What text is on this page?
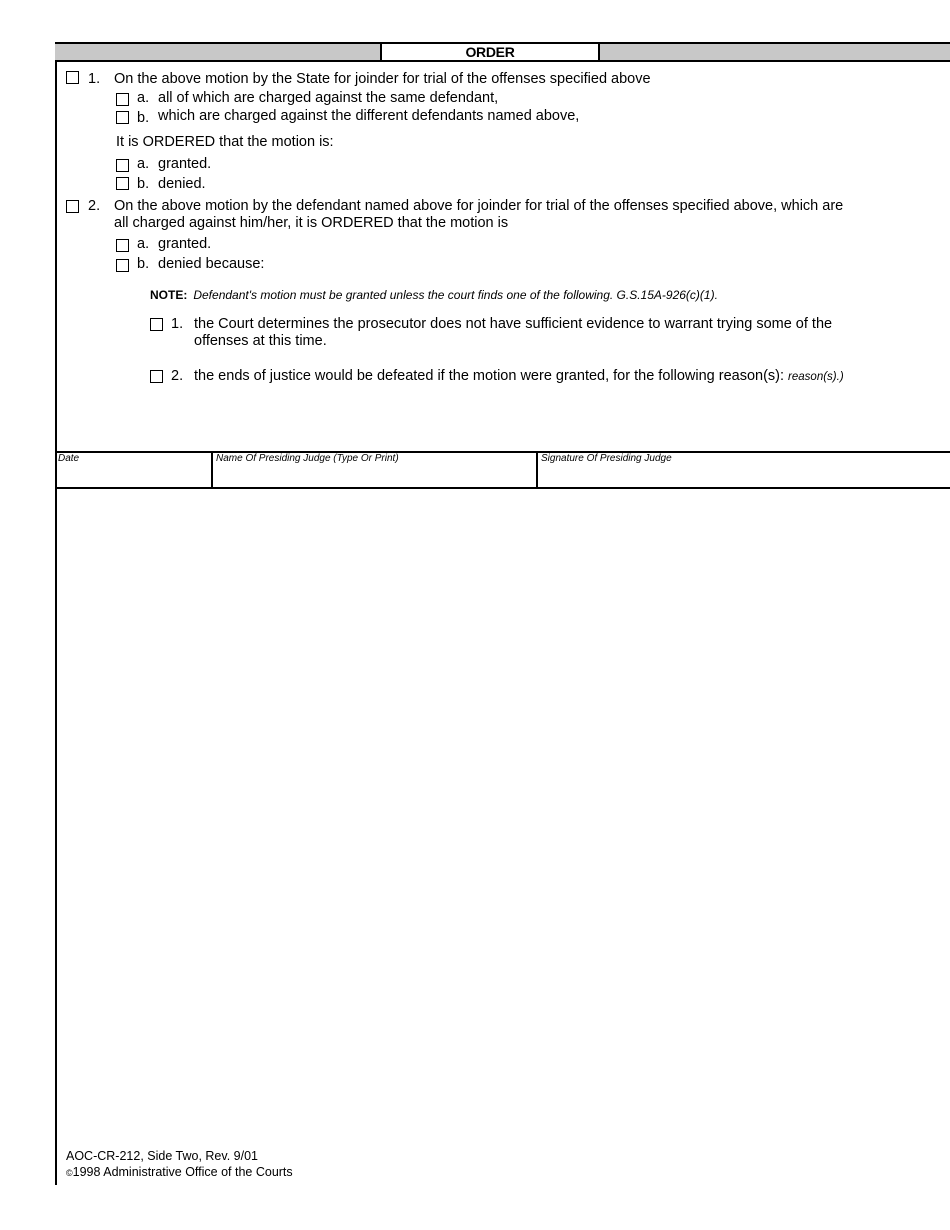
ORDER
1. On the above motion by the State for joinder for trial of the offenses specified above
a. all of which are charged against the same defendant,
b. which are charged against the different defendants named above,
It is ORDERED that the motion is:
a. granted.
b. denied.
2. On the above motion by the defendant named above for joinder for trial of the offenses specified above, which are
all charged against him/her, it is ORDERED that the motion is
a. granted.
b. denied because:
NOTE: Defendant's motion must be granted unless the court finds one of the following. G.S.15A-926(c)(1).
1. the Court determines the prosecutor does not have sufficient evidence to warrant trying some of the
offenses at this time.
2. the ends of justice would be defeated if the motion were granted, for the following reason(s): reason(s).)
Date	Name Of Presiding Judge (Type Or Print)	Signature Of Presiding Judge
AOC-CR-212, Side Two, Rev. 9/01
©1998 Administrative Office of the Courts
